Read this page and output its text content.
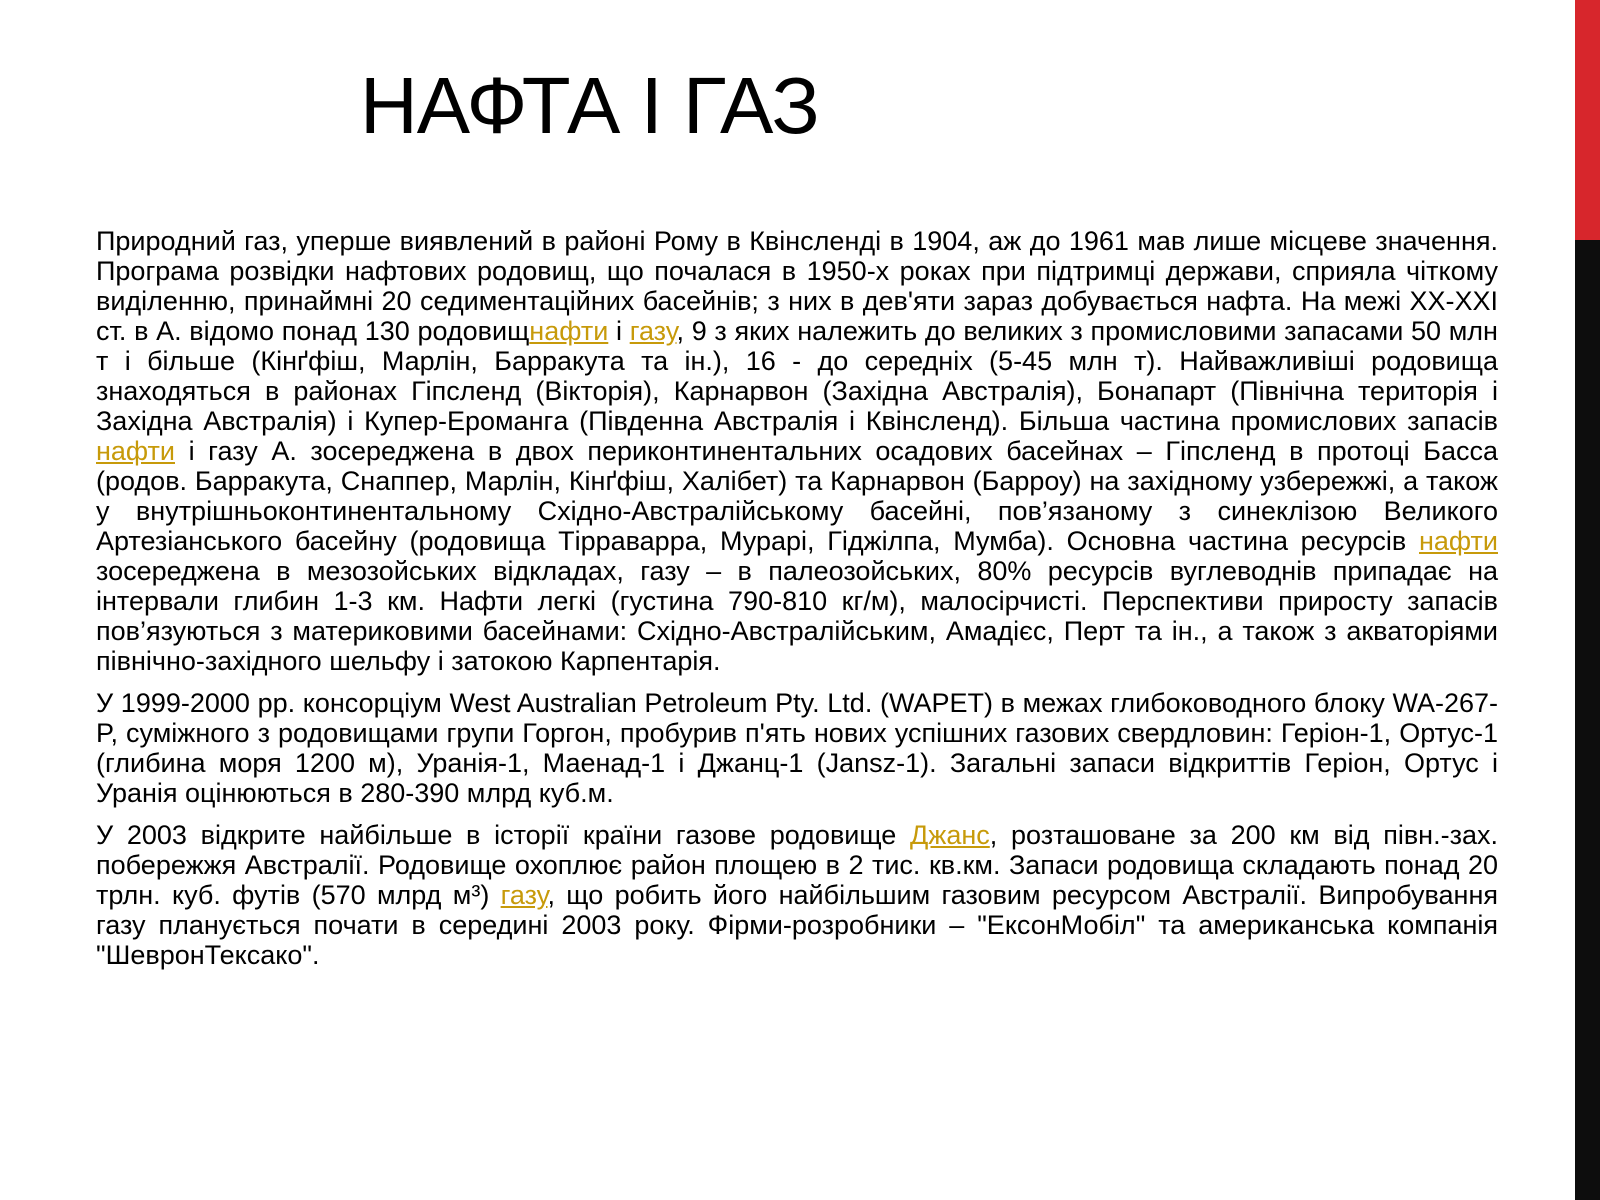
НАФТА І ГАЗ

Природний газ, уперше виявлений в районі Рому в Квінсленді в 1904, аж до 1961 мав лише місцеве значення. Програма розвідки нафтових родовищ, що почалася в 1950-х роках при підтримці держави, сприяла чіткому виділенню, принаймні 20 седиментаційних басейнів; з них в дев'яти зараз добувається нафта. На межі XX-XXI ст. в А. відомо понад 130 родовищнафти і газу, 9 з яких належить до великих з промисловими запасами 50 млн т і більше (Кінґфіш, Марлін, Барракута та ін.), 16 - до середніх (5-45 млн т). Найважливіші родовища знаходяться в районах Гіпсленд (Вікторія), Карнарвон (Західна Австралія), Бонапарт (Північна територія і Західна Австралія) і Купер-Еромангa (Південна Австралія і Квінсленд). Більша частина промислових запасів нафти і газу А. зосереджена в двох периконтинентальних осадових басейнах – Гіпсленд в протоці Басса (родов. Барракута, Снаппер, Марлін, Кінґфіш, Халібет) та Карнарвон (Барроу) на західному узбережжі, а також у внутрішньоконтинентальному Східно-Австралійському басейні, пов’язаному з синеклізою Великого Артезіанського басейну (родовища Тірраварра, Мурарі, Гіджілпа, Мумба). Основна частина ресурсів нафти зосереджена в мезозойських відкладах, газу – в палеозойських, 80% ресурсів вуглеводнів припадає на інтервали глибин 1-3 км. Нафти легкі (густина 790-810 кг/м), малосірчисті. Перспективи приросту запасів пов’язуються з материковими басейнами: Східно-Австралійським, Амадієс, Перт та ін., а також з акваторіями північно-західного шельфу і затокою Карпентарія.

У 1999-2000 рр. консорціум West Australian Petroleum Pty. Ltd. (WAPET) в межах глибоководного блоку WA-267-P, суміжного з родовищами групи Горгон, пробурив п'ять нових успішних газових свердловин: Геріон-1, Ортус-1 (глибина моря 1200 м), Уранія-1, Маенад-1 і Джанц-1 (Jansz-1). Загальні запаси відкриттів Геріон, Ортус і Уранія оцінюються в 280-390 млрд куб.м.

У 2003 відкрите найбільше в історії країни газове родовище Джанс, розташоване за 200 км від півн.-зах. побережжя Австралії. Родовище охоплює район площею в 2 тис. кв.км. Запаси родовища складають понад 20 трлн. куб. футів (570 млрд м³) газу, що робить його найбільшим газовим ресурсом Австралії. Випробування газу планується почати в середині 2003 року. Фірми-розробники – "ЕксонМобіл" та американська компанія "ШевронТексако".
